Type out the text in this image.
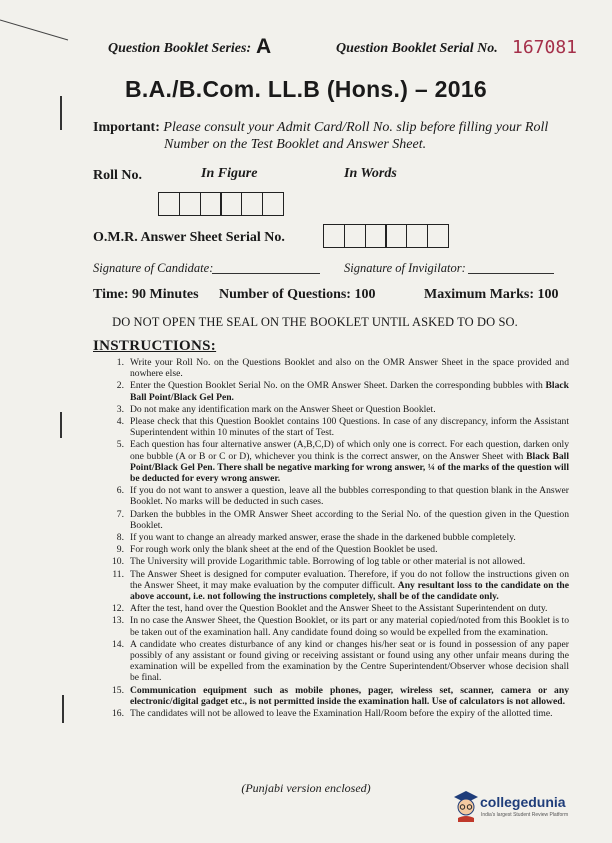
Question Booklet Series: A	Question Booklet Serial No. 167081
B.A./B.Com. LL.B (Hons.) – 2016
Important: Please consult your Admit Card/Roll No. slip before filling your Roll
Number on the Test Booklet and Answer Sheet.
Roll No.	In Figure	In Words
O.M.R. Answer Sheet Serial No.
Signature of Candidate:	Signature of Invigilator:
Time: 90 Minutes Number of Questions: 100	Maximum Marks: 100
DO NOT OPEN THE SEAL ON THE BOOKLET UNTIL ASKED TO DO SO.
INSTRUCTIONS:
1. Write your Roll No. on the Questions Booklet and also on the OMR Answer Sheet in the space provided and nowhere else.
2. Enter the Question Booklet Serial No. on the OMR Answer Sheet. Darken the corresponding bubbles with Black Ball Point/Black Gel Pen.
3. Do not make any identification mark on the Answer Sheet or Question Booklet.
4. Please check that this Question Booklet contains 100 Questions. In case of any discrepancy, inform the Assistant Superintendent within 10 minutes of the start of Test.
5. Each question has four alternative answer (A,B,C,D) of which only one is correct. For each question, darken only one bubble (A or B or C or D), whichever you think is the correct answer, on the Answer Sheet with Black Ball Point/Black Gel Pen. There shall be negative marking for wrong answer, ¼ of the marks of the question will be deducted for every wrong answer.
6. If you do not want to answer a question, leave all the bubbles corresponding to that question blank in the Answer Booklet. No marks will be deducted in such cases.
7. Darken the bubbles in the OMR Answer Sheet according to the Serial No. of the question given in the Question Booklet.
8. If you want to change an already marked answer, erase the shade in the darkened bubble completely.
9. For rough work only the blank sheet at the end of the Question Booklet be used.
10. The University will provide Logarithmic table. Borrowing of log table or other material is not allowed.
11. The Answer Sheet is designed for computer evaluation. Therefore, if you do not follow the instructions given on the Answer Sheet, it may make evaluation by the computer difficult. Any resultant loss to the candidate on the above account, i.e. not following the instructions completely, shall be of the candidate only.
12. After the test, hand over the Question Booklet and the Answer Sheet to the Assistant Superintendent on duty.
13. In no case the Answer Sheet, the Question Booklet, or its part or any material copied/noted from this Booklet is to be taken out of the examination hall. Any candidate found doing so would be expelled from the examination.
14. A candidate who creates disturbance of any kind or changes his/her seat or is found in possession of any paper possibly of any assistant or found giving or receiving assistant or found using any other unfair means during the examination will be expelled from the examination by the Centre Superintendent/Observer whose decision shall be final.
15. Communication equipment such as mobile phones, pager, wireless set, scanner, camera or any electronic/digital gadget etc., is not permitted inside the examination hall. Use of calculators is not allowed.
16. The candidates will not be allowed to leave the Examination Hall/Room before the expiry of the allotted time.
(Punjabi version enclosed)
collegedunia
India's largest Student Review Platform
